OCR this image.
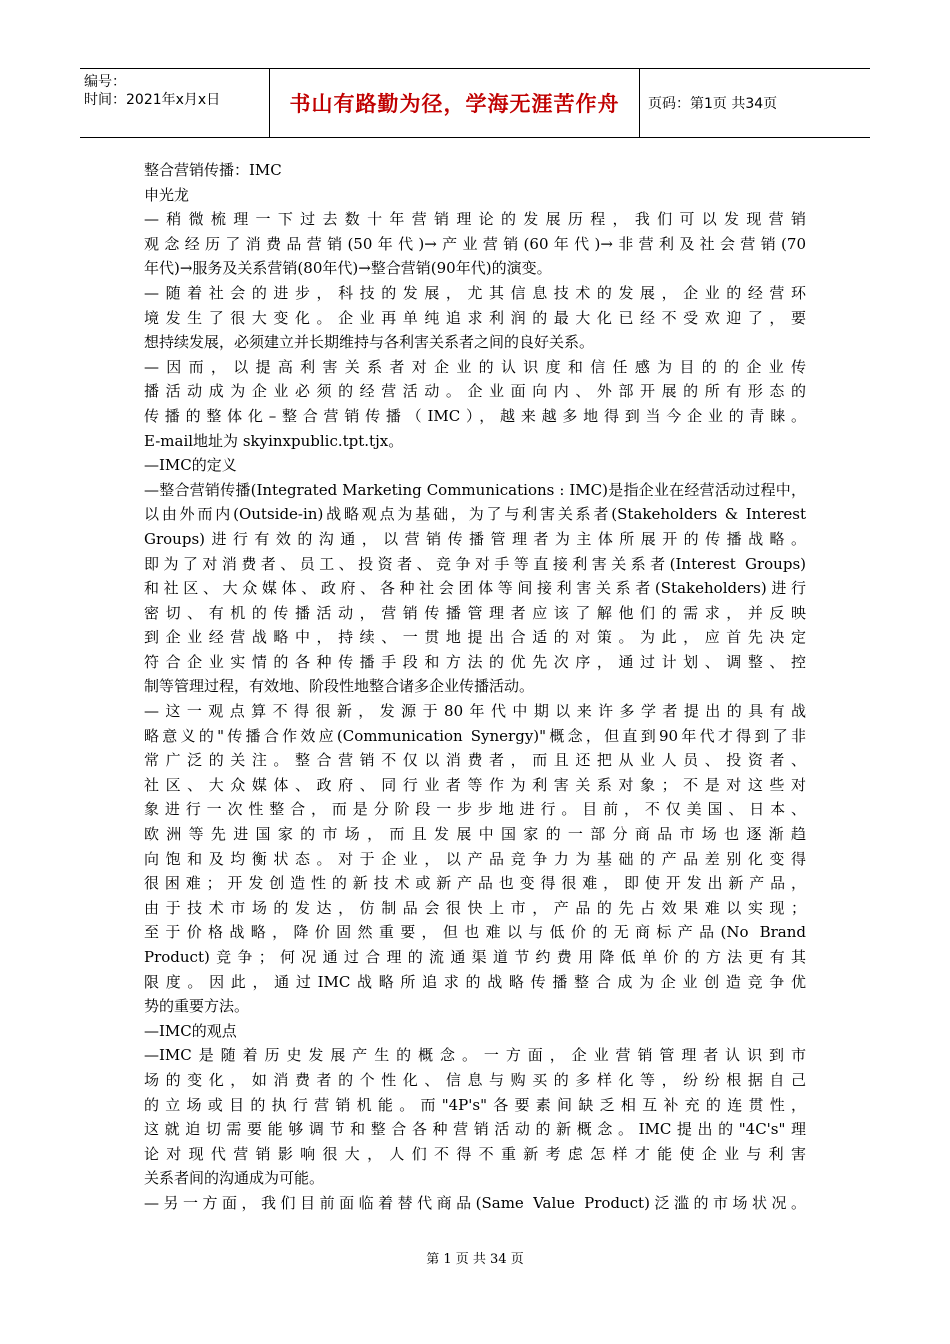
编号：
时间：2021年x月x日	书山有路勤为径，学海无涯苦作舟 页码：第1页 共34页
整合营销传播：IMC
申光龙
—稍微梳理一下过去数十年营销理论的发展历程，我们可以发现营销
观念经历了消费品营销(50年代)→产业营销(60年代)→非营利及社会营销(70
年代)→服务及关系营销(80年代)→整合营销(90年代)的演变。
—随着社会的进步，科技的发展，尤其信息技术的发展，企业的经营环
境发生了很大变化。企业再单纯追求利润的最大化已经不受欢迎了，要
想持续发展，必须建立并长期维持与各利害关系者之间的良好关系。
—因而，以提高利害关系者对企业的认识度和信任感为目的的企业传
播活动成为企业必须的经营活动。企业面向内、外部开展的所有形态的
传播的整体化–整合营销传播（IMC），越来越多地得到当今企业的青睐。
E-mail地址为 skyinxpublic.tpt.tjx。
—IMC的定义
—整合营销传播(Integrated Marketing Communications : IMC)是指企业在经营活动过程中，
以由外而内(Outside-in)战略观点为基础，为了与利害关系者(Stakeholders & Interest
Groups)进行有效的沟通，以营销传播管理者为主体所展开的传播战略。
即为了对消费者、员工、投资者、竞争对手等直接利害关系者(Interest Groups)
和社区、大众媒体、政府、各种社会团体等间接利害关系者(Stakeholders)进行
密切、有机的传播活动，营销传播管理者应该了解他们的需求，并反映
到企业经营战略中，持续、一贯地提出合适的对策。为此，应首先决定
符合企业实情的各种传播手段和方法的优先次序，通过计划、调整、控
制等管理过程，有效地、阶段性地整合诸多企业传播活动。
—这一观点算不得很新，发源于80年代中期以来许多学者提出的具有战
略意义的"传播合作效应(Communication Synergy)"概念，但直到90年代才得到了非
常广泛的关注。整合营销不仅以消费者，而且还把从业人员、投资者、
社区、大众媒体、政府、同行业者等作为利害关系对象；不是对这些对
象进行一次性整合，而是分阶段一步步地进行。目前，不仅美国、日本、
欧洲等先进国家的市场，而且发展中国家的一部分商品市场也逐渐趋
向饱和及均衡状态。对于企业，以产品竞争力为基础的产品差别化变得
很困难；开发创造性的新技术或新产品也变得很难，即使开发出新产品，
由于技术市场的发达，仿制品会很快上市，产品的先占效果难以实现；
至于价格战略，降价固然重要，但也难以与低价的无商标产品(No Brand
Product)竞争；何况通过合理的流通渠道节约费用降低单价的方法更有其
限度。因此，通过IMC战略所追求的战略传播整合成为企业创造竞争优
势的重要方法。
—IMC的观点
—IMC是随着历史发展产生的概念。一方面，企业营销管理者认识到市
场的变化，如消费者的个性化、信息与购买的多样化等，纷纷根据自己
的立场或目的执行营销机能。而"4P's"各要素间缺乏相互补充的连贯性，
这就迫切需要能够调节和整合各种营销活动的新概念。IMC提出的"4C's"理
论对现代营销影响很大，人们不得不重新考虑怎样才能使企业与利害
关系者间的沟通成为可能。
—另一方面，我们目前面临着替代商品(Same Value Product)泛滥的市场状况。
第 1 页 共 34 页
